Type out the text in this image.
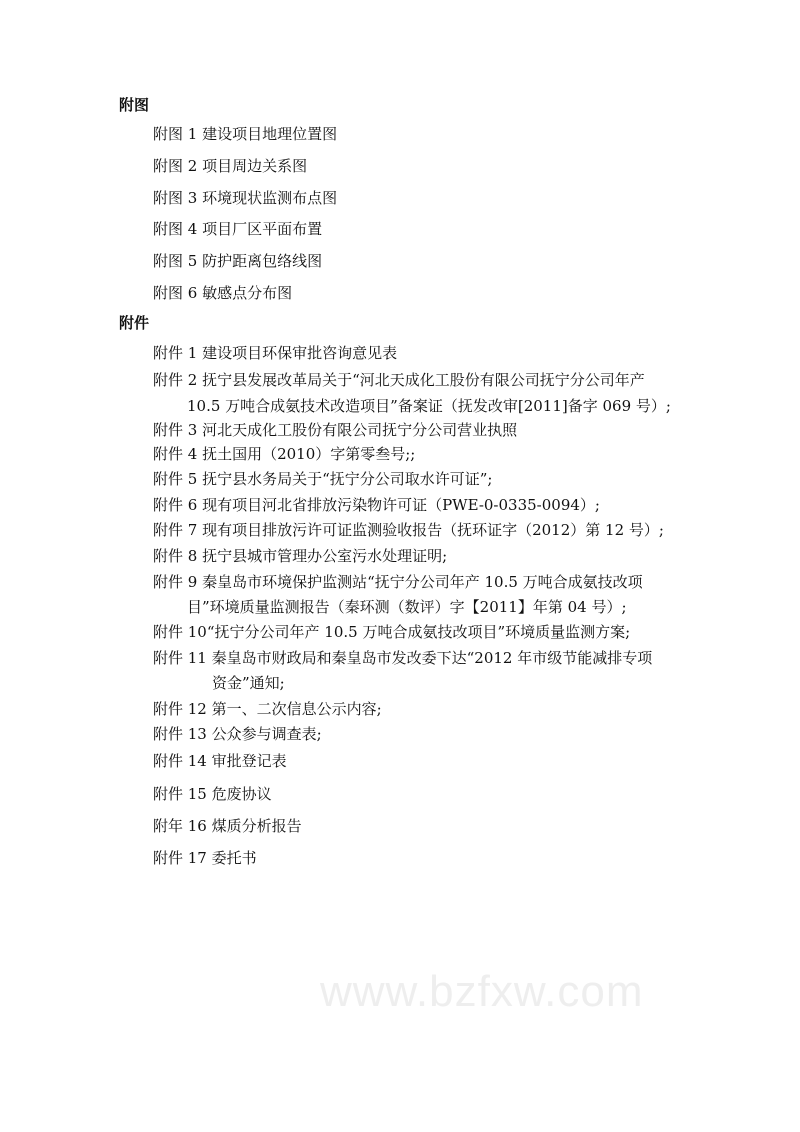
www.bzfxw.com
附图
附图 1 建设项目地理位置图
附图 2 项目周边关系图
附图 3 环境现状监测布点图
附图 4 项目厂区平面布置
附图 5 防护距离包络线图
附图 6 敏感点分布图
附件
附件 1 建设项目环保审批咨询意见表
附件 2 抚宁县发展改革局关于“河北天成化工股份有限公司抚宁分公司年产
10.5 万吨合成氨技术改造项目”备案证（抚发改审[2011]备字 069 号）;
附件 3 河北天成化工股份有限公司抚宁分公司营业执照
附件 4 抚土国用（2010）字第零叁号;;
附件 5 抚宁县水务局关于“抚宁分公司取水许可证”;
附件 6 现有项目河北省排放污染物许可证（PWE-0-0335-0094）;
附件 7 现有项目排放污许可证监测验收报告（抚环证字（2012）第 12 号）;
附件 8 抚宁县城市管理办公室污水处理证明;
附件 9 秦皇岛市环境保护监测站“抚宁分公司年产 10.5 万吨合成氨技改项
目”环境质量监测报告（秦环测（数评）字【2011】年第 04 号）;
附件 10“抚宁分公司年产 10.5 万吨合成氨技改项目”环境质量监测方案;
附件 11 秦皇岛市财政局和秦皇岛市发改委下达“2012 年市级节能减排专项
资金”通知;
附件 12 第一、二次信息公示内容;
附件 13 公众参与调查表;
附件 14 审批登记表
附件 15 危废协议
附年 16 煤质分析报告
附件 17 委托书
